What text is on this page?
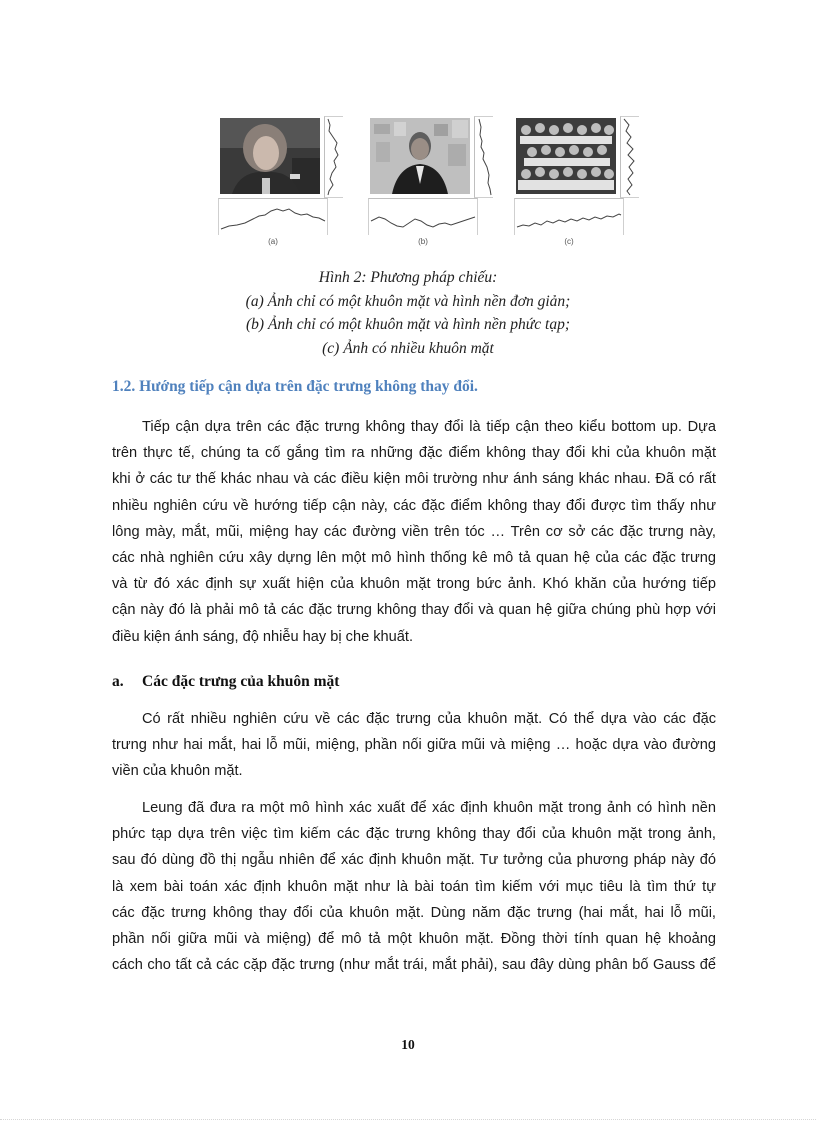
(a)	(b)	(c)
Hình 2: Phương pháp chiếu:
(a) Ảnh chỉ có một khuôn mặt và hình nền đơn giản;
(b) Ảnh chỉ có một khuôn mặt và hình nền phức tạp;
(c) Ảnh có nhiều khuôn mặt
1.2. Hướng tiếp cận dựa trên đặc trưng không thay đổi.
Tiếp cận dựa trên các đặc trưng không thay đổi là tiếp cận theo kiểu bottom up. Dựa
trên thực tế, chúng ta cố gắng tìm ra những đặc điểm không thay đổi khi của khuôn mặt
khi ở các tư thế khác nhau và các điều kiện môi trường như ánh sáng khác nhau. Đã có rất
nhiều nghiên cứu về hướng tiếp cận này, các đặc điểm không thay đổi được tìm thấy như
lông mày, mắt, mũi, miệng hay các đường viền trên tóc … Trên cơ sở các đặc trưng này,
các nhà nghiên cứu xây dựng lên một mô hình thống kê mô tả quan hệ của các đặc trưng
và từ đó xác định sự xuất hiện của khuôn mặt trong bức ảnh. Khó khăn của hướng tiếp
cận này đó là phải mô tả các đặc trưng không thay đổi và quan hệ giữa chúng phù hợp với
điều kiện ánh sáng, độ nhiễu hay bị che khuất.
a. Các đặc trưng của khuôn mặt
Có rất nhiều nghiên cứu về các đặc trưng của khuôn mặt. Có thể dựa vào các đặc
trưng như hai mắt, hai lỗ mũi, miệng, phần nối giữa mũi và miệng … hoặc dựa vào đường
viền của khuôn mặt.
Leung đã đưa ra một mô hình xác xuất để xác định khuôn mặt trong ảnh có hình nền
phức tạp dựa trên việc tìm kiếm các đặc trưng không thay đổi của khuôn mặt trong ảnh,
sau đó dùng đồ thị ngẫu nhiên để xác định khuôn mặt. Tư tưởng của phương pháp này đó
là xem bài toán xác định khuôn mặt như là bài toán tìm kiếm với mục tiêu là tìm thứ tự
các đặc trưng không thay đổi của khuôn mặt. Dùng năm đặc trưng (hai mắt, hai lỗ mũi,
phần nối giữa mũi và miệng) để mô tả một khuôn mặt. Đồng thời tính quan hệ khoảng
cách cho tất cả các cặp đặc trưng (như mắt trái, mắt phải), sau đây dùng phân bố Gauss để
10
